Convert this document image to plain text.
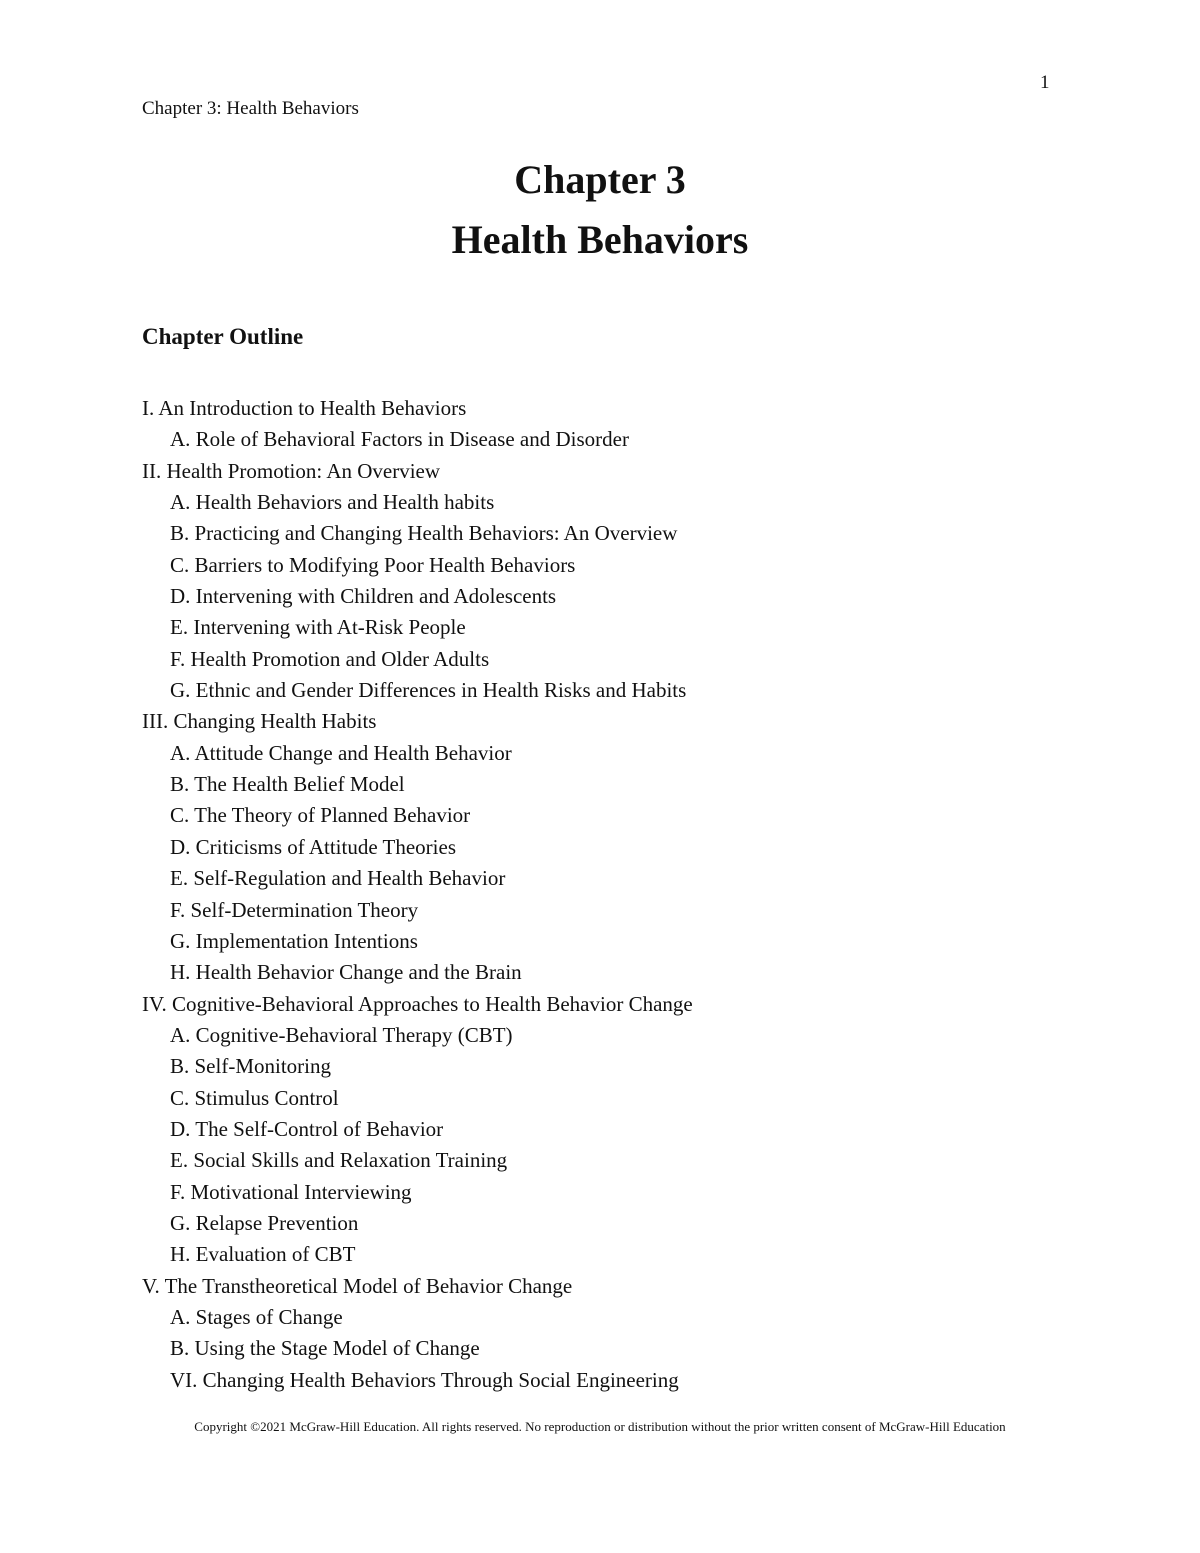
1
Chapter 3: Health Behaviors
Chapter 3
Health Behaviors
Chapter Outline
I. An Introduction to Health Behaviors
A. Role of Behavioral Factors in Disease and Disorder
II. Health Promotion: An Overview
A. Health Behaviors and Health habits
B. Practicing and Changing Health Behaviors: An Overview
C. Barriers to Modifying Poor Health Behaviors
D. Intervening with Children and Adolescents
E. Intervening with At-Risk People
F. Health Promotion and Older Adults
G. Ethnic and Gender Differences in Health Risks and Habits
III. Changing Health Habits
A. Attitude Change and Health Behavior
B. The Health Belief Model
C. The Theory of Planned Behavior
D. Criticisms of Attitude Theories
E. Self-Regulation and Health Behavior
F. Self-Determination Theory
G. Implementation Intentions
H. Health Behavior Change and the Brain
IV. Cognitive-Behavioral Approaches to Health Behavior Change
A. Cognitive-Behavioral Therapy (CBT)
B. Self-Monitoring
C. Stimulus Control
D. The Self-Control of Behavior
E. Social Skills and Relaxation Training
F. Motivational Interviewing
G. Relapse Prevention
H. Evaluation of CBT
V. The Transtheoretical Model of Behavior Change
A. Stages of Change
B. Using the Stage Model of Change
VI. Changing Health Behaviors Through Social Engineering
Copyright ©2021 McGraw-Hill Education. All rights reserved. No reproduction or distribution without the prior written consent of McGraw-Hill Education
